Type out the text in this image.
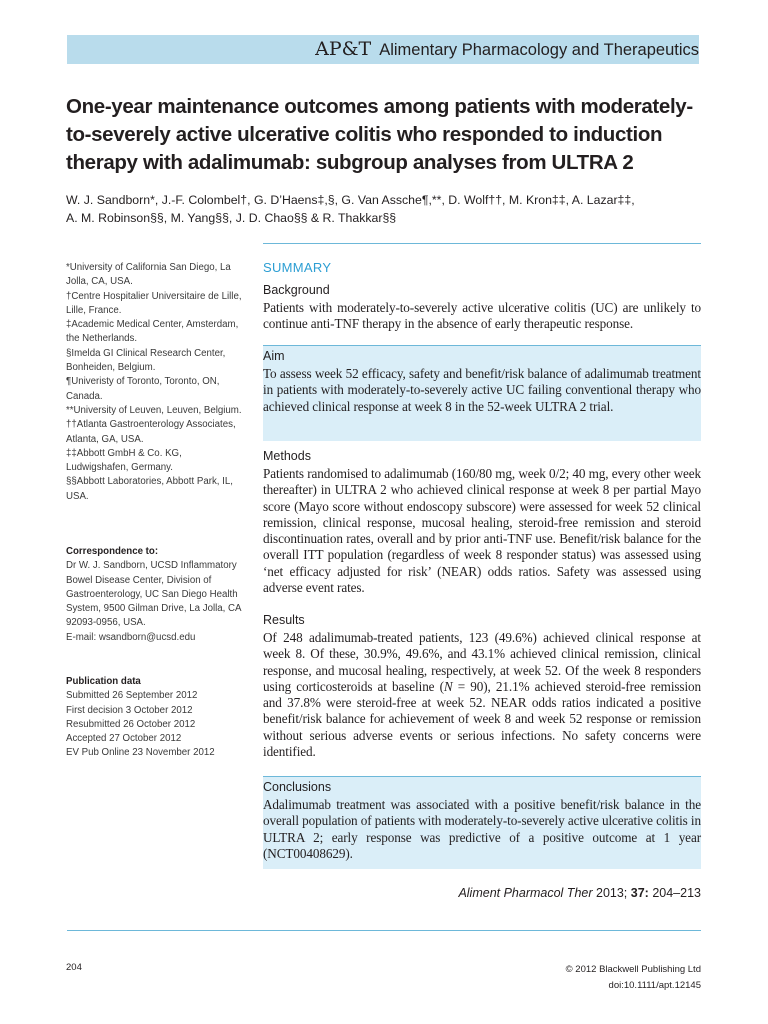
AP&T Alimentary Pharmacology and Therapeutics
One-year maintenance outcomes among patients with moderately-to-severely active ulcerative colitis who responded to induction therapy with adalimumab: subgroup analyses from ULTRA 2
W. J. Sandborn*, J.-F. Colombel†, G. D’Haens‡,§, G. Van Assche¶,**, D. Wolf††, M. Kron‡‡, A. Lazar‡‡,
A. M. Robinson§§, M. Yang§§, J. D. Chao§§ & R. Thakkar§§

*University of California San Diego, La Jolla, CA, USA.

†Centre Hospitalier Universitaire de Lille, Lille, France.

‡Academic Medical Center, Amsterdam, the Netherlands.

§Imelda GI Clinical Research Center, Bonheiden, Belgium.

¶Univeristy of Toronto, Toronto, ON, Canada.

**University of Leuven, Leuven, Belgium.

††Atlanta Gastroenterology Associates, Atlanta, GA, USA.

‡‡Abbott GmbH & Co. KG, Ludwigshafen, Germany.

§§Abbott Laboratories, Abbott Park, IL, USA.

Correspondence to:

Dr W. J. Sandborn, UCSD Inflammatory Bowel Disease Center, Division of Gastroenterology, UC San Diego Health System, 9500 Gilman Drive, La Jolla, CA 92093-0956, USA.

E-mail: wsandborn@ucsd.edu

Publication data

Submitted 26 September 2012

First decision 3 October 2012

Resubmitted 26 October 2012

Accepted 27 October 2012

EV Pub Online 23 November 2012

SUMMARY

Background

Patients with moderately-to-severely active ulcerative colitis (UC) are unlikely to continue anti-TNF therapy in the absence of early therapeutic response.

Aim

To assess week 52 efficacy, safety and benefit/risk balance of adalimumab treatment in patients with moderately-to-severely active UC failing conventional therapy who achieved clinical response at week 8 in the 52-week ULTRA 2 trial.

Methods

Patients randomised to adalimumab (160/80 mg, week 0/2; 40 mg, every other week thereafter) in ULTRA 2 who achieved clinical response at week 8 per partial Mayo score (Mayo score without endoscopy subscore) were assessed for week 52 clinical remission, clinical response, mucosal healing, steroid-free remission and steroid discontinuation rates, overall and by prior anti-TNF use. Benefit/risk balance for the overall ITT population (regardless of week 8 responder status) was assessed using ‘net efficacy adjusted for risk’ (NEAR) odds ratios. Safety was assessed using adverse event rates.

Results

Of 248 adalimumab-treated patients, 123 (49.6%) achieved clinical response at week 8. Of these, 30.9%, 49.6%, and 43.1% achieved clinical remission, clinical response, and mucosal healing, respectively, at week 52. Of the week 8 responders using corticosteroids at baseline (N = 90), 21.1% achieved steroid-free remission and 37.8% were steroid-free at week 52. NEAR odds ratios indicated a positive benefit/risk balance for achievement of week 8 and week 52 response or remission without serious adverse events or serious infections. No safety concerns were identified.

Conclusions

Adalimumab treatment was associated with a positive benefit/risk balance in the overall population of patients with moderately-to-severely active ulcerative colitis in ULTRA 2; early response was predictive of a positive outcome at 1 year (NCT00408629).

Aliment Pharmacol Ther 2013; 37: 204–213
204	© 2012 Blackwell Publishing Ltd
doi:10.1111/apt.12145
